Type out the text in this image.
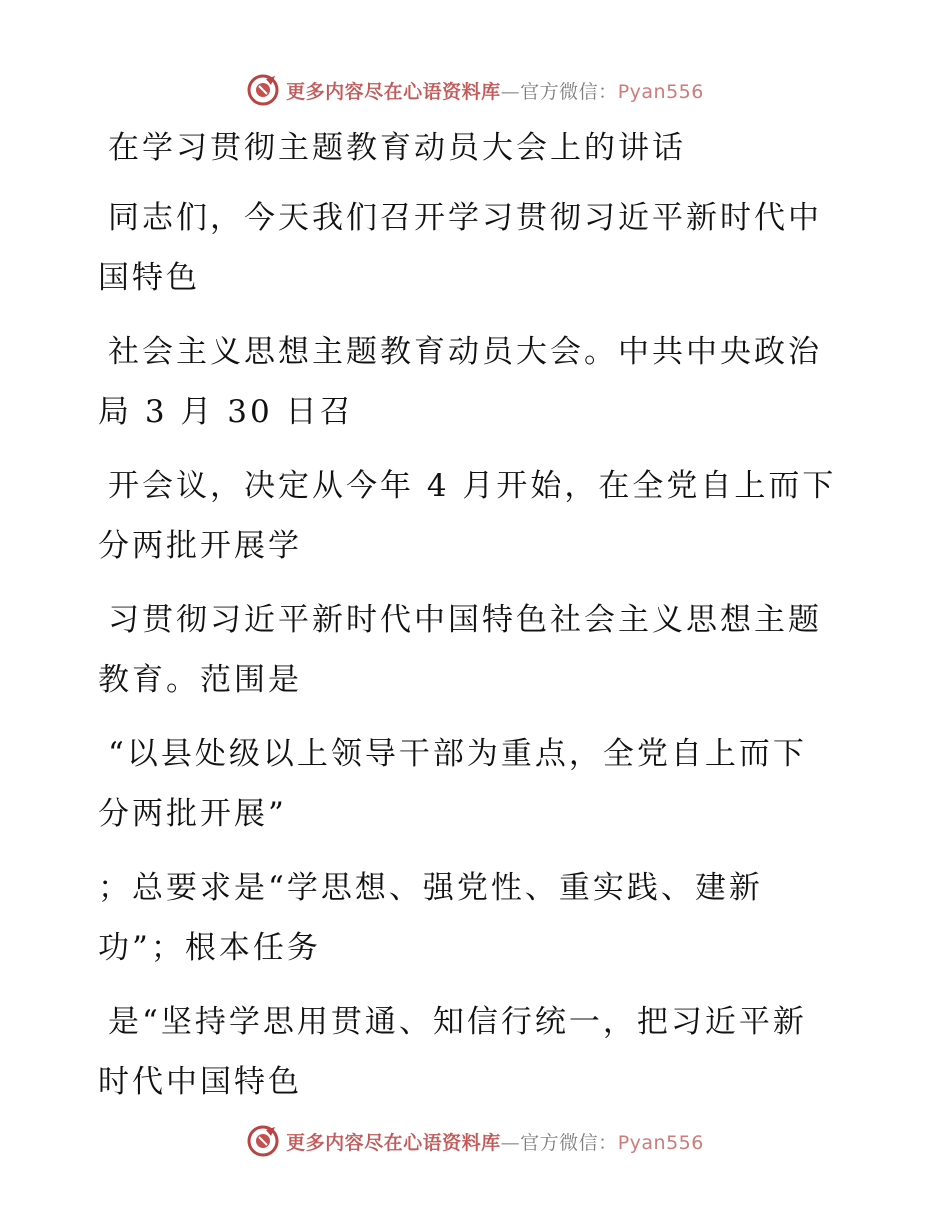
更多内容尽在心语资料库—官方微信：Pyan556
在学习贯彻主题教育动员大会上的讲话
同志们，今天我们召开学习贯彻习近平新时代中
国特色
社会主义思想主题教育动员大会。中共中央政治
局 3 月 30 日召
开会议，决定从今年 4 月开始，在全党自上而下
分两批开展学
习贯彻习近平新时代中国特色社会主义思想主题
教育。范围是
“以县处级以上领导干部为重点，全党自上而下
分两批开展”
；总要求是“学思想、强党性、重实践、建新
功”；根本任务
是“坚持学思用贯通、知信行统一，把习近平新
时代中国特色
更多内容尽在心语资料库—官方微信：Pyan556
